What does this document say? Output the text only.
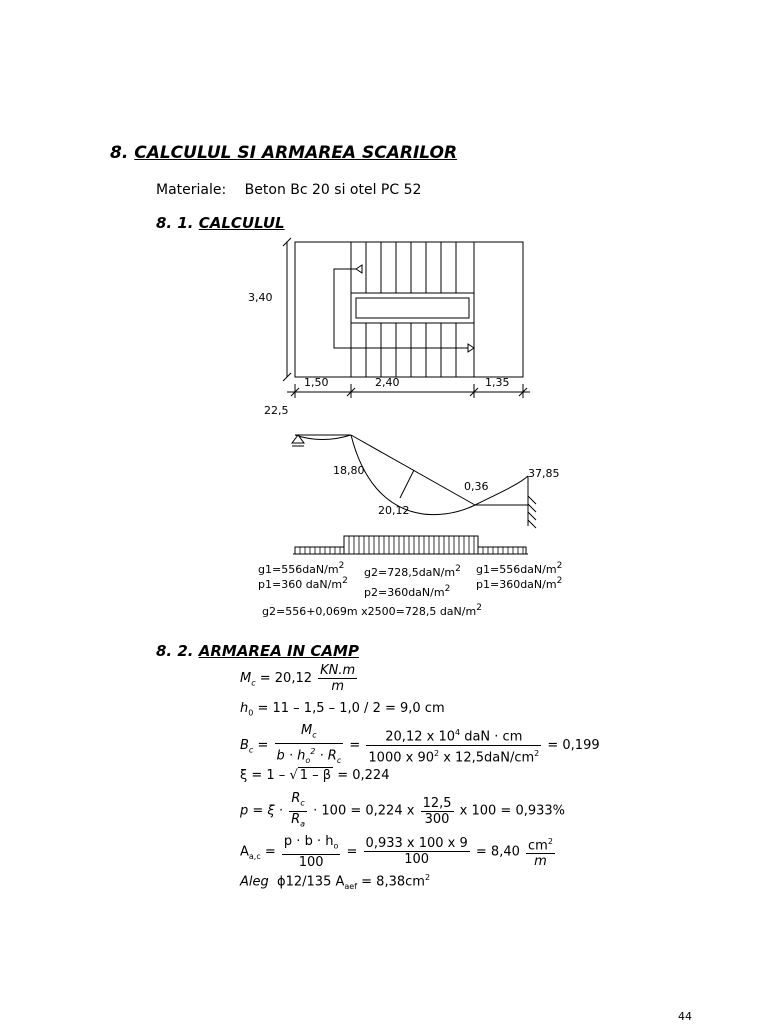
8. CALCULUL SI ARMAREA SCARILOR
Materiale: Beton Bc 20 si otel PC 52
8. 1. CALCULUL
3,40
1,50	2,40	1,35
22,5
18,80
20,12
0,36
37,85
$g1=556daN/m^2$
p1=360 daN/$m^2$
$g2=728,5daN/m^2$
$p2=360daN/m^2$
$g1=556daN/m^2$
$p1=360daN/m^2$
g2=556+0,069m x2500=728,5 daN/$m^2$
8. 2. ARMAREA IN CAMP
$M_c = 20,12 \frac{KN.m}{m}$
$h_0 = 11 - 1,5 - 1,0 / 2 = 9,0$ cm
$B_c = \frac{M_c}{b \cdot h_o^2 \cdot R_c} = \frac{20,12 x 10^4 daN \cdot cm}{1000 x 90^2 x 12,5daN/cm^2} = 0,199$
ξ = 1 – √ 1 – β = 0,224
$p = \xi \cdot \frac{R_c}{R_a} \cdot 100 = 0,224$ x $\frac{12,5}{300}$ x 100 = 0,933%
$A_{a,c} = \frac{p \cdot b \cdot h_o}{100} = \frac{0,933 x 100 x 9}{100} = 8,40 \frac{cm^2}{m}$
Aleg ϕ12/135 $A_{aef} = 8,38cm^2$
44
